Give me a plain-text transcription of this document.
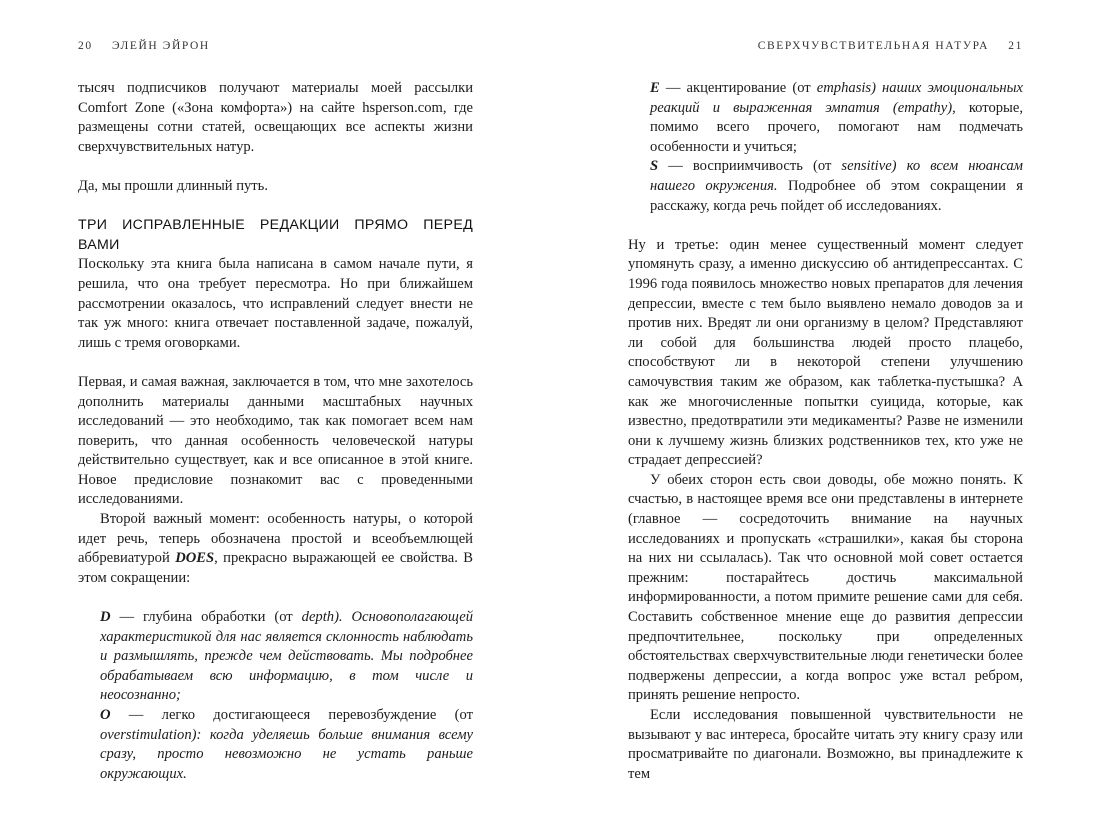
20 ЭЛЕЙН ЭЙРОН

тысяч подписчиков получают материалы моей рассылки Comfort Zone («Зона комфорта») на сайте hsperson.com, где размещены сотни статей, освещающих все аспекты жизни сверхчувствительных натур.

Да, мы прошли длинный путь.

ТРИ ИСПРАВЛЕННЫЕ РЕДАКЦИИ ПРЯМО ПЕРЕД ВАМИ

Поскольку эта книга была написана в самом начале пути, я решила, что она требует пересмотра. Но при ближайшем рассмотрении оказалось, что исправлений следует внести не так уж много: книга отвечает поставленной задаче, пожалуй, лишь с тремя оговорками.

Первая, и самая важная, заключается в том, что мне захотелось дополнить материалы данными масштабных научных исследований — это необходимо, так как помогает всем нам поверить, что данная особенность человеческой натуры действительно существует, как и все описанное в этой книге. Новое предисловие познакомит вас с проведенными исследованиями.

Второй важный момент: особенность натуры, о которой идет речь, теперь обозначена простой и всеобъемлющей аббревиатурой DOES, прекрасно выражающей ее свойства. В этом сокращении:

D — глубина обработки (от depth). Основополагающей характеристикой для нас является склонность наблюдать и размышлять, прежде чем действовать. Мы подробнее обрабатываем всю информацию, в том числе и неосознанно;

O — легко достигающееся перевозбуждение (от overstimulation): когда уделяешь больше внимания всему сразу, просто невозможно не устать раньше окружающих.

СВЕРХЧУВСТВИТЕЛЬНАЯ НАТУРА 21

E — акцентирование (от emphasis) наших эмоциональных реакций и выраженная эмпатия (empathy), которые, помимо всего прочего, помогают нам подмечать особенности и учиться;

S — восприимчивость (от sensitive) ко всем нюансам нашего окружения. Подробнее об этом сокращении я расскажу, когда речь пойдет об исследованиях.

Ну и третье: один менее существенный момент следует упомянуть сразу, а именно дискуссию об антидепрессантах. С 1996 года появилось множество новых препаратов для лечения депрессии, вместе с тем было выявлено немало доводов за и против них. Вредят ли они организму в целом? Представляют ли собой для большинства людей просто плацебо, способствуют ли в некоторой степени улучшению самочувствия таким же образом, как таблетка-пустышка? А как же многочисленные попытки суицида, которые, как известно, предотвратили эти медикаменты? Разве не изменили они к лучшему жизнь близких родственников тех, кто уже не страдает депрессией?

У обеих сторон есть свои доводы, обе можно понять. К счастью, в настоящее время все они представлены в интернете (главное — сосредоточить внимание на научных исследованиях и пропускать «страшилки», какая бы сторона на них ни ссылалась). Так что основной мой совет остается прежним: постарайтесь достичь максимальной информированности, а потом примите решение сами для себя. Составить собственное мнение еще до развития депрессии предпочтительнее, поскольку при определенных обстоятельствах сверхчувствительные люди генетически более подвержены депрессии, а когда вопрос уже встал ребром, принять решение непросто.

Если исследования повышенной чувствительности не вызывают у вас интереса, бросайте читать эту книгу сразу или просматривайте по диагонали. Возможно, вы принадлежите к тем
